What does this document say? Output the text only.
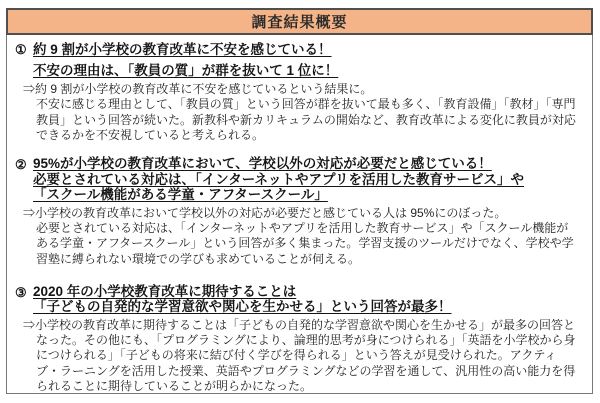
調査結果概要
① 約 9 割が小学校の教育改革に不安を感じている！
不安の理由は、「教員の質」が群を抜いて 1 位に！
⇒約 9 割が小学校の教育改革に不安を感じているという結果に。
不安に感じる理由として、「教員の質」という回答が群を抜いて最も多く、「教育設備」「教材」「専門教員」という回答が続いた。新教科や新カリキュラムの開始など、教育改革による変化に教員が対応できるかを不安視していると考えられる。
② 95%が小学校の教育改革において、学校以外の対応が必要だと感じている！
必要とされている対応は、「インターネットやアプリを活用した教育サービス」や
「スクール機能がある学童・アフタースクール」
⇒小学校の教育改革において学校以外の対応が必要だと感じている人は 95%にのぼった。
必要とされている対応は、「インターネットやアプリを活用した教育サービス」や「スクール機能がある学童・アフタースクール」という回答が多く集まった。学習支援のツールだけでなく、学校や学習塾に縛られない環境での学びも求めていることが伺える。
③ 2020 年の小学校教育改革に期待することは
「子どもの自発的な学習意欲や関心を生かせる」という回答が最多！
⇒小学校の教育改革に期待することは「子どもの自発的な学習意欲や関心を生かせる」が最多の回答となった。その他にも、「プログラミングにより、論理的思考が身につけられる」「英語を小学校から身につけられる」「子どもの将来に結び付く学びを得られる」という答えが見受けられた。アクティブ・ラーニングを活用した授業、英語やプログラミングなどの学習を通して、汎用性の高い能力を得られることに期待していることが明らかになった。
